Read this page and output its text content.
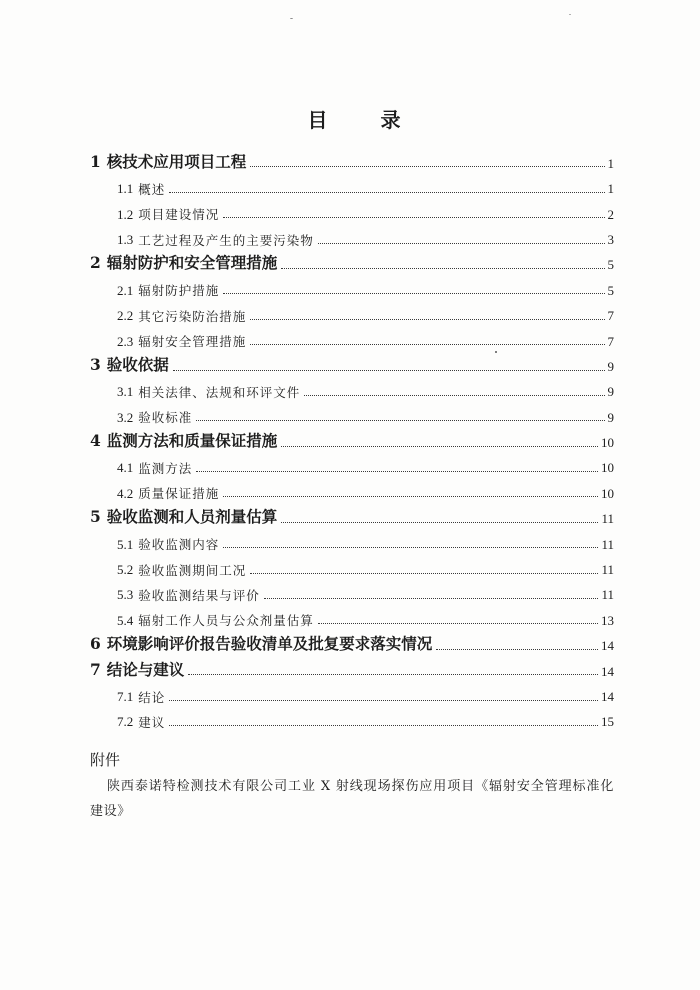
目 录
1 核技术应用项目工程	1
1.1 概述	1
1.2 项目建设情况	2
1.3 工艺过程及产生的主要污染物	3
2 辐射防护和安全管理措施	5
2.1 辐射防护措施	5
2.2 其它污染防治措施	7
2.3 辐射安全管理措施	7
3 验收依据	9
3.1 相关法律、法规和环评文件	9
3.2 验收标准	9
4 监测方法和质量保证措施	10
4.1 监测方法	10
4.2 质量保证措施	10
5 验收监测和人员剂量估算	11
5.1 验收监测内容	11
5.2 验收监测期间工况	11
5.3 验收监测结果与评价	11
5.4 辐射工作人员与公众剂量估算	13
6 环境影响评价报告验收清单及批复要求落实情况	14
7 结论与建议	14
7.1 结论	14
7.2 建议	15
附件
陕西泰诺特检测技术有限公司工业 X 射线现场探伤应用项目《辐射安全管理标准化建设》
